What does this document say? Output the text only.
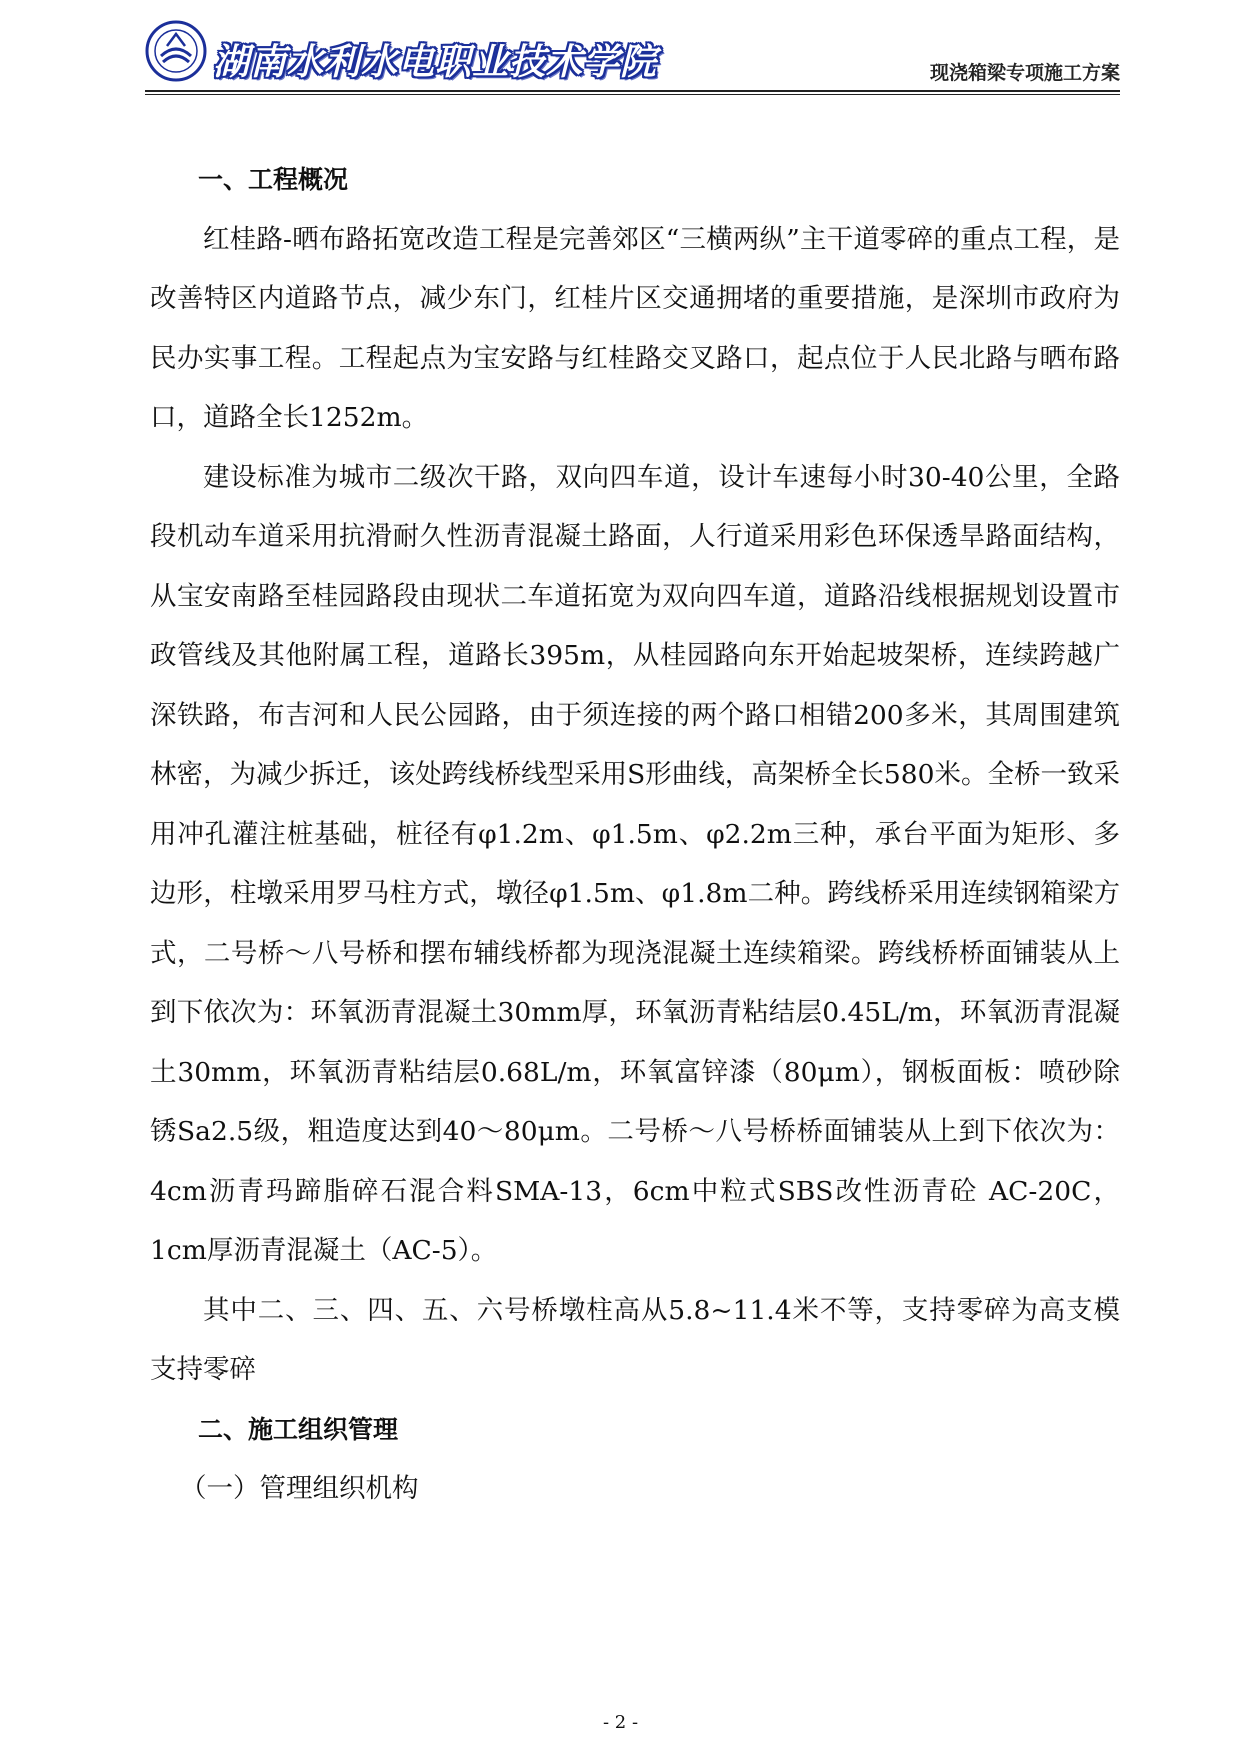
湖南水利水电职业技术学院	现浇箱梁专项施工方案

一、工程概况

红桂路-晒布路拓宽改造工程是完善郊区“三横两纵”主干道零碎的重点工程，是改善特区内道路节点，减少东门，红桂片区交通拥堵的重要措施，是深圳市政府为民办实事工程。工程起点为宝安路与红桂路交叉路口，起点位于人民北路与晒布路口，道路全长1252m。

建设标准为城市二级次干路，双向四车道，设计车速每小时30-40公里，全路段机动车道采用抗滑耐久性沥青混凝土路面，人行道采用彩色环保透旱路面结构，从宝安南路至桂园路段由现状二车道拓宽为双向四车道，道路沿线根据规划设置市政管线及其他附属工程，道路长395m，从桂园路向东开始起坡架桥，连续跨越广深铁路，布吉河和人民公园路，由于须连接的两个路口相错200多米，其周围建筑林密，为减少拆迁，该处跨线桥线型采用S形曲线，高架桥全长580米。全桥一致采用冲孔灌注桩基础，桩径有φ1.2m、φ1.5m、φ2.2m三种，承台平面为矩形、多边形，柱墩采用罗马柱方式，墩径φ1.5m、φ1.8m二种。跨线桥采用连续钢箱梁方式，二号桥～八号桥和摆布辅线桥都为现浇混凝土连续箱梁。跨线桥桥面铺装从上到下依次为：环氧沥青混凝土30mm厚，环氧沥青粘结层0.45L/m，环氧沥青混凝土30mm，环氧沥青粘结层0.68L/m，环氧富锌漆（80μm），钢板面板：喷砂除锈Sa2.5级，粗造度达到40～80μm。二号桥～八号桥桥面铺装从上到下依次为：4cm沥青玛蹄脂碎石混合料SMA-13，6cm中粒式SBS改性沥青砼 AC-20C，1cm厚沥青混凝土（AC-5）。

其中二、三、四、五、六号桥墩柱高从5.8~11.4米不等，支持零碎为高支模支持零碎

二、施工组织管理

（一）管理组织机构

- 2 -
